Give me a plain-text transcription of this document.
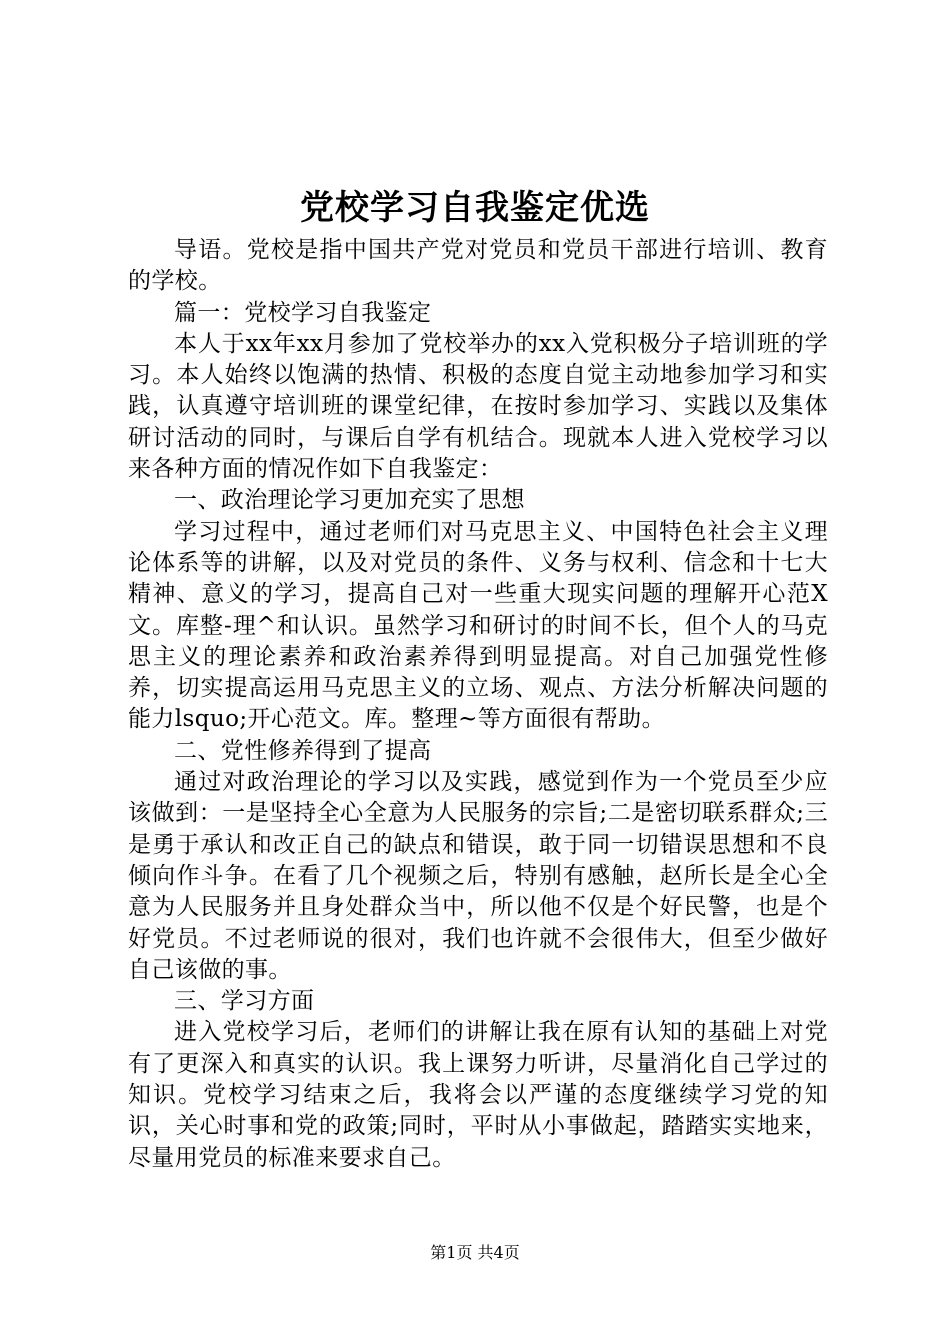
党校学习自我鉴定优选

导语。党校是指中国共产党对党员和党员干部进行培训、教育的学校。

篇一：党校学习自我鉴定

本人于xx年xx月参加了党校举办的xx入党积极分子培训班的学习。本人始终以饱满的热情、积极的态度自觉主动地参加学习和实践，认真遵守培训班的课堂纪律，在按时参加学习、实践以及集体研讨活动的同时，与课后自学有机结合。现就本人进入党校学习以来各种方面的情况作如下自我鉴定：

一、政治理论学习更加充实了思想

学习过程中，通过老师们对马克思主义、中国特色社会主义理论体系等的讲解，以及对党员的条件、义务与权利、信念和十七大精神、意义的学习，提高自己对一些重大现实问题的理解开心范X文。库整-理^和认识。虽然学习和研讨的时间不长，但个人的马克思主义的理论素养和政治素养得到明显提高。对自己加强党性修养，切实提高运用马克思主义的立场、观点、方法分析解决问题的能力lsquo;开心范文。库。整理~等方面很有帮助。

二、党性修养得到了提高

通过对政治理论的学习以及实践，感觉到作为一个党员至少应该做到：一是坚持全心全意为人民服务的宗旨;二是密切联系群众;三是勇于承认和改正自己的缺点和错误，敢于同一切错误思想和不良倾向作斗争。在看了几个视频之后，特别有感触，赵所长是全心全意为人民服务并且身处群众当中，所以他不仅是个好民警，也是个好党员。不过老师说的很对，我们也许就不会很伟大，但至少做好自己该做的事。

三、学习方面

进入党校学习后，老师们的讲解让我在原有认知的基础上对党有了更深入和真实的认识。我上课努力听讲，尽量消化自己学过的知识。党校学习结束之后，我将会以严谨的态度继续学习党的知识，关心时事和党的政策;同时，平时从小事做起，踏踏实实地来，尽量用党员的标准来要求自己。

第1页 共4页
